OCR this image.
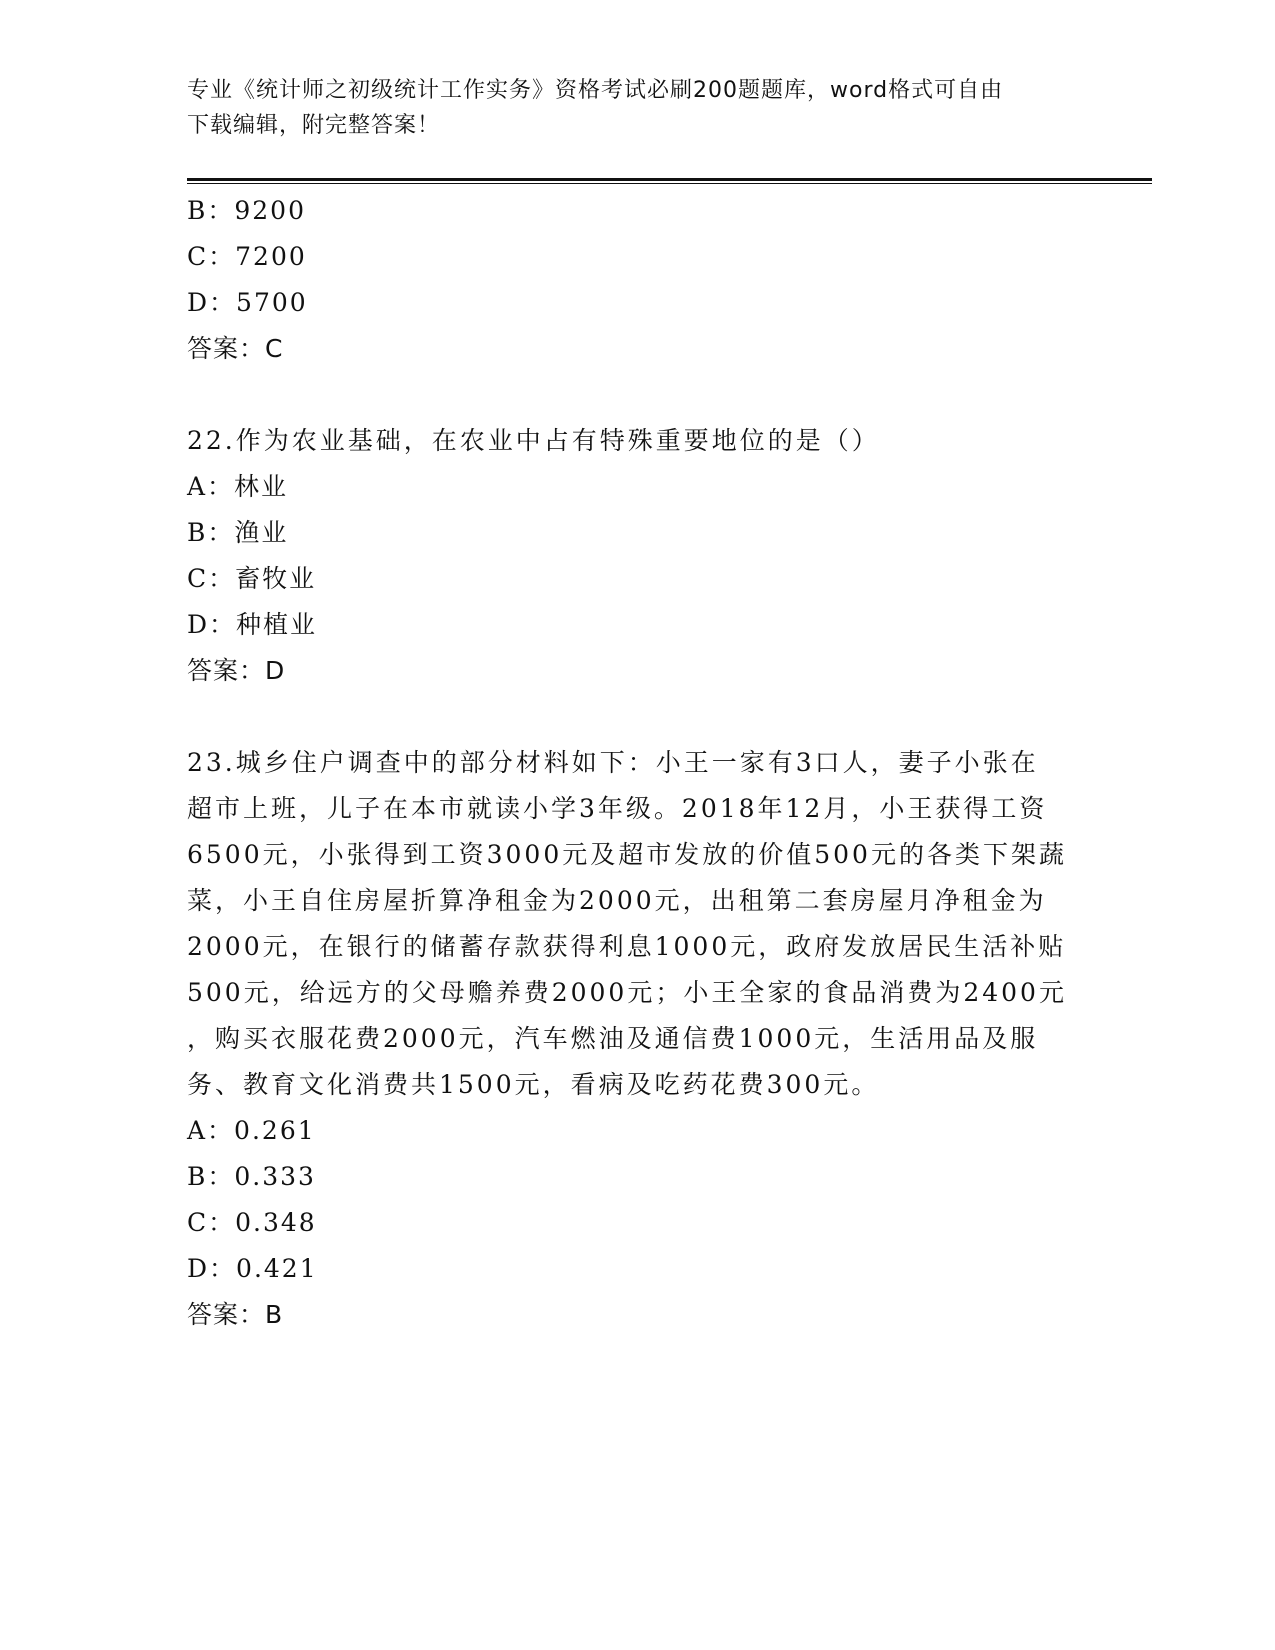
专业《统计师之初级统计工作实务》资格考试必刷200题题库，word格式可自由
下载编辑，附完整答案！
B：9200
C：7200
D：5700
答案：C
22.作为农业基础，在农业中占有特殊重要地位的是（）
A：林业
B：渔业
C：畜牧业
D：种植业
答案：D
23.城乡住户调查中的部分材料如下：小王一家有3口人，妻子小张在
超市上班，儿子在本市就读小学3年级。2018年12月，小王获得工资
6500元，小张得到工资3000元及超市发放的价值500元的各类下架蔬
菜，小王自住房屋折算净租金为2000元，出租第二套房屋月净租金为
2000元，在银行的储蓄存款获得利息1000元，政府发放居民生活补贴
500元，给远方的父母赡养费2000元；小王全家的食品消费为2400元
，购买衣服花费2000元，汽车燃油及通信费1000元，生活用品及服
务、教育文化消费共1500元，看病及吃药花费300元。
A：0.261
B：0.333
C：0.348
D：0.421
答案：B
